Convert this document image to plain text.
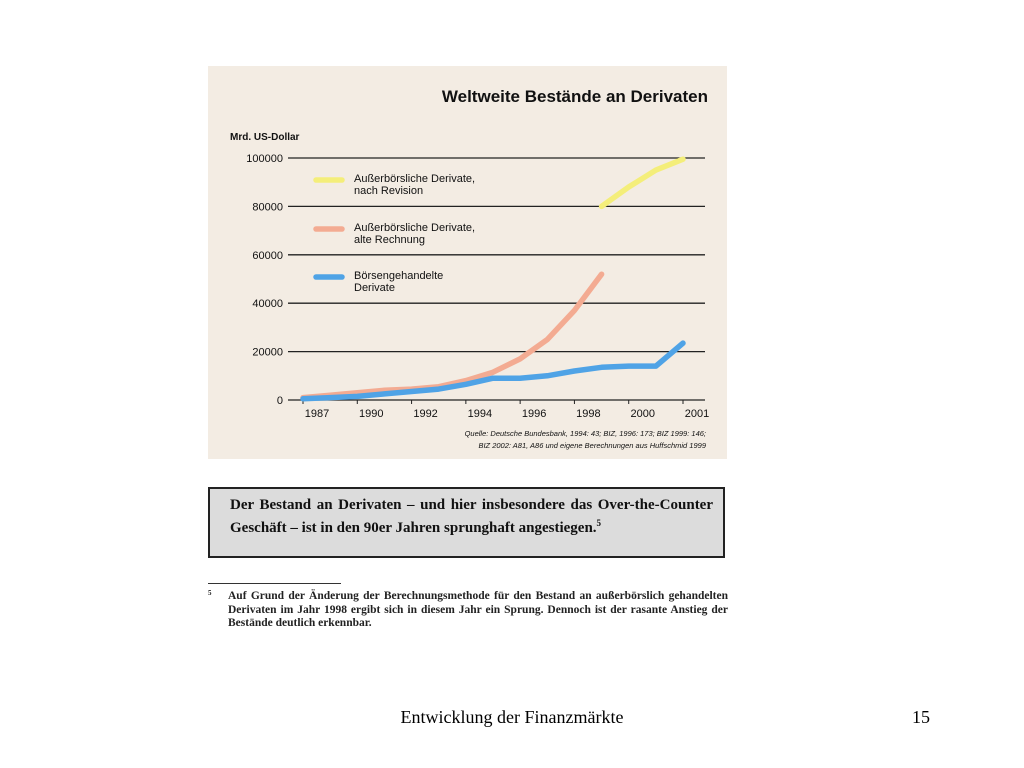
Weltweite Bestände an Derivaten
Mrd. US-Dollar
100000
80000
60000
40000
20000
0
1987	1990	1992	1994	1996	1998	2000	2001
Außerbörsliche Derivate,
nach Revision
Außerbörsliche Derivate,
alte Rechnung
Börsengehandelte
Derivate
Quelle: Deutsche Bundesbank, 1994: 43; BIZ, 1996: 173; BIZ 1999: 146;
BIZ 2002: A81, A86 und eigene Berechnungen aus Huffschmid 1999
Der Bestand an Derivaten – und hier insbesondere das Over-the-Counter Geschäft – ist in den 90er Jahren sprunghaft angestiegen.$^5$
5 Auf Grund der Änderung der Berechnungsmethode für den Bestand an außerbörslich gehandelten Derivaten im Jahr 1998 ergibt sich in diesem Jahr ein Sprung. Dennoch ist der rasante Anstieg der Bestände deutlich erkennbar.
Entwicklung der Finanzmärkte	15
